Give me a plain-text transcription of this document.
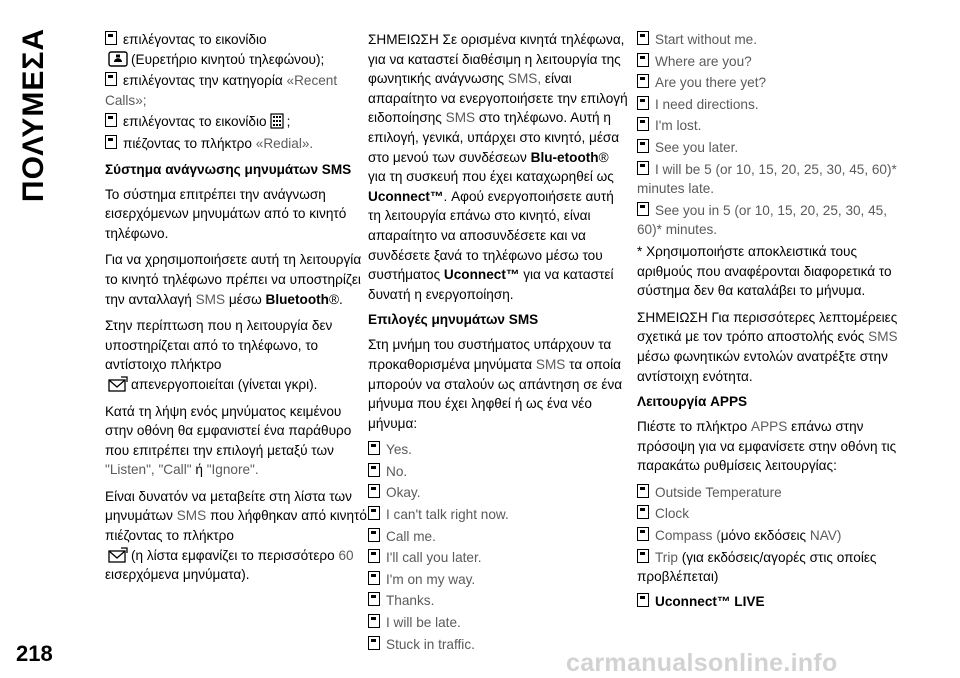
ΠΟΛΥΜΕΣΑ
218	carmanualsonline.info

επιλέγοντας το εικονίδιο
(Ευρετήριο κινητού τηλεφώνου);

επιλέγοντας την κατηγορία «Recent Calls»;

επιλέγοντας το εικονίδιο ;

πιέζοντας το πλήκτρο «Redial».

Σύστημα ανάγνωσης μηνυμάτων SMS

Το σύστημα επιτρέπει την ανάγνωση εισερχόμενων μηνυμάτων από το κινητό τηλέφωνο.

Για να χρησιμοποιήσετε αυτή τη λειτουργία το κινητό τηλέφωνο πρέπει να υποστηρίζει την ανταλλαγή SMS μέσω Bluetooth®.

Στην περίπτωση που η λειτουργία δεν υποστηρίζεται από το τηλέφωνο, το αντίστοιχο πλήκτρο
απενεργοποιείται (γίνεται γκρι).

Κατά τη λήψη ενός μηνύματος κειμένου στην οθόνη θα εμφανιστεί ένα παράθυρο που επιτρέπει την επιλογή μεταξύ των "Listen", "Call" ή "Ignore".

Είναι δυνατόν να μεταβείτε στη λίστα των μηνυμάτων SMS που λήφθηκαν από κινητό πιέζοντας το πλήκτρο
(η λίστα εμφανίζει το περισσότερο 60 εισερχόμενα μηνύματα).

ΣΗΜΕΙΩΣΗ Σε ορισμένα κινητά τηλέφωνα, για να καταστεί διαθέσιμη η λειτουργία της φωνητικής ανάγνωσης SMS, είναι απαραίτητο να ενεργοποιήσετε την επιλογή ειδοποίησης SMS στο τηλέφωνο. Αυτή η επιλογή, γενικά, υπάρχει στο κινητό, μέσα στο μενού των συνδέσεων Blu-etooth® για τη συσκευή που έχει καταχωρηθεί ως Uconnect™. Αφού ενεργοποιήσετε αυτή τη λειτουργία επάνω στο κινητό, είναι απαραίτητο να αποσυνδέσετε και να συνδέσετε ξανά το τηλέφωνο μέσω του συστήματος Uconnect™ για να καταστεί δυνατή η ενεργοποίηση.

Επιλογές μηνυμάτων SMS

Στη μνήμη του συστήματος υπάρχουν τα προκαθορισμένα μηνύματα SMS τα οποία μπορούν να σταλούν ως απάντηση σε ένα μήνυμα που έχει ληφθεί ή ως ένα νέο μήνυμα:

Yes.
No.
Okay.
I can't talk right now.
Call me.
I'll call you later.
I'm on my way.
Thanks.
I will be late.
Stuck in traffic.
Start without me.
Where are you?
Are you there yet?
I need directions.
I'm lost.
See you later.
I will be 5 (or 10, 15, 20, 25, 30, 45, 60)* minutes late.
See you in 5 (or 10, 15, 20, 25, 30, 45, 60)* minutes.

* Χρησιμοποιήστε αποκλειστικά τους αριθμούς που αναφέρονται διαφορετικά το σύστημα δεν θα καταλάβει το μήνυμα.

ΣΗΜΕΙΩΣΗ Για περισσότερες λεπτομέρειες σχετικά με τον τρόπο αποστολής ενός SMS μέσω φωνητικών εντολών ανατρέξτε στην αντίστοιχη ενότητα.

Λειτουργία APPS

Πιέστε το πλήκτρο APPS επάνω στην πρόσοψη για να εμφανίσετε στην οθόνη τις παρακάτω ρυθμίσεις λειτουργίας:

Outside Temperature
Clock
Compass (μόνο εκδόσεις NAV)
Trip (για εκδόσεις/αγορές στις οποίες προβλέπεται)
Uconnect™ LIVE
